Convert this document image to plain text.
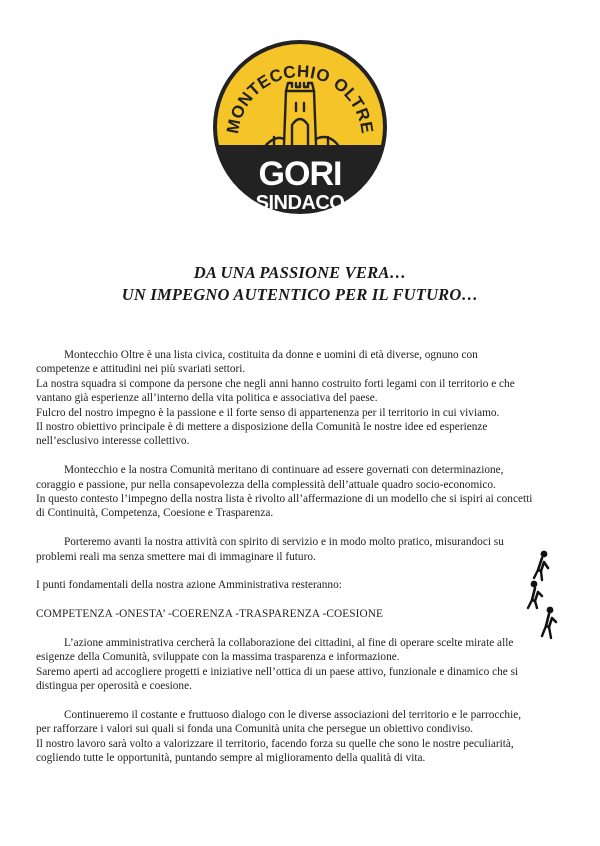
MONTECCHIO OLTRE
GORI
SINDACO
DA UNA PASSIONE VERA…
UN IMPEGNO AUTENTICO PER IL FUTURO…
Montecchio Oltre è una lista civica, costituita da donne e uomini di età diverse, ognuno con
competenze e attitudini nei più svariati settori.
La nostra squadra si compone da persone che negli anni hanno costruito forti legami con il territorio e che
vantano già esperienze all’interno della vita politica e associativa del paese.
Fulcro del nostro impegno è la passione e il forte senso di appartenenza per il territorio in cui viviamo.
Il nostro obiettivo principale è di mettere a disposizione della Comunità le nostre idee ed esperienze
nell’esclusivo interesse collettivo.
Montecchio e la nostra Comunità meritano di continuare ad essere governati con determinazione,
coraggio e passione, pur nella consapevolezza della complessità dell’attuale quadro socio-economico.
In questo contesto l’impegno della nostra lista è rivolto all’affermazione di un modello che si ispiri ai concetti
di Continuità, Competenza, Coesione e Trasparenza.
Porteremo avanti la nostra attività con spirito di servizio e in modo molto pratico, misurandoci su
problemi reali ma senza smettere mai di immaginare il futuro.
I punti fondamentali della nostra azione Amministrativa resteranno:
COMPETENZA -ONESTA’ -COERENZA -TRASPARENZA -COESIONE
L’azione amministrativa cercherà la collaborazione dei cittadini, al fine di operare scelte mirate alle
esigenze della Comunità, sviluppate con la massima trasparenza e informazione.
Saremo aperti ad accogliere progetti e iniziative nell’ottica di un paese attivo, funzionale e dinamico che si
distingua per operosità e coesione.
Continueremo il costante e fruttuoso dialogo con le diverse associazioni del territorio e le parrocchie,
per rafforzare i valori sui quali si fonda una Comunità unita che persegue un obiettivo condiviso.
Il nostro lavoro sarà volto a valorizzare il territorio, facendo forza su quelle che sono le nostre peculiarità,
cogliendo tutte le opportunità, puntando sempre al miglioramento della qualità di vita.
